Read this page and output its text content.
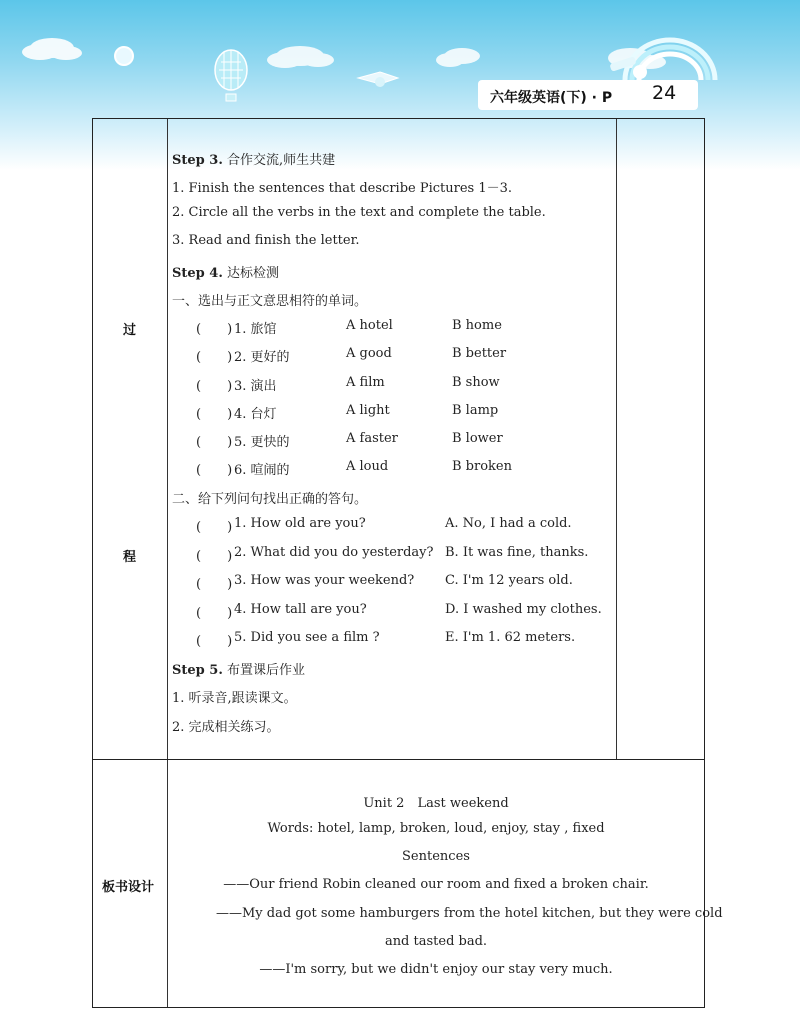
六年级英语(下) · P 24
过
程
板书设计
Step 3. 合作交流,师生共建
1. Finish the sentences that describe Pictures 1－3.
2. Circle all the verbs in the text and complete the table.
3. Read and finish the letter.
Step 4. 达标检测
一、选出与正文意思相符的单词。
(　　) 1. 旅馆	A hotel	B home
(　　) 2. 更好的	A good	B better
(　　) 3. 演出	A film	B show
(　　) 4. 台灯	A light	B lamp
(　　) 5. 更快的	A faster	B lower
(　　) 6. 喧闹的	A loud	B broken
二、给下列问句找出正确的答句。
(　　) 1. How old are you?	A. No, I had a cold.
(　　) 2. What did you do yesterday? B. It was fine, thanks.
(　　) 3. How was your weekend? C. I'm 12 years old.
(　　) 4. How tall are you?	D. I washed my clothes.
(　　) 5. Did you see a film ?	E. I'm 1. 62 meters.
Step 5. 布置课后作业
1. 听录音,跟读课文。
2. 完成相关练习。
Unit 2　Last weekend
Words: hotel, lamp, broken, loud, enjoy, stay , fixed
Sentences
——Our friend Robin cleaned our room and fixed a broken chair.
——My dad got some hamburgers from the hotel kitchen, but they were cold
and tasted bad.
——I'm sorry, but we didn't enjoy our stay very much.
